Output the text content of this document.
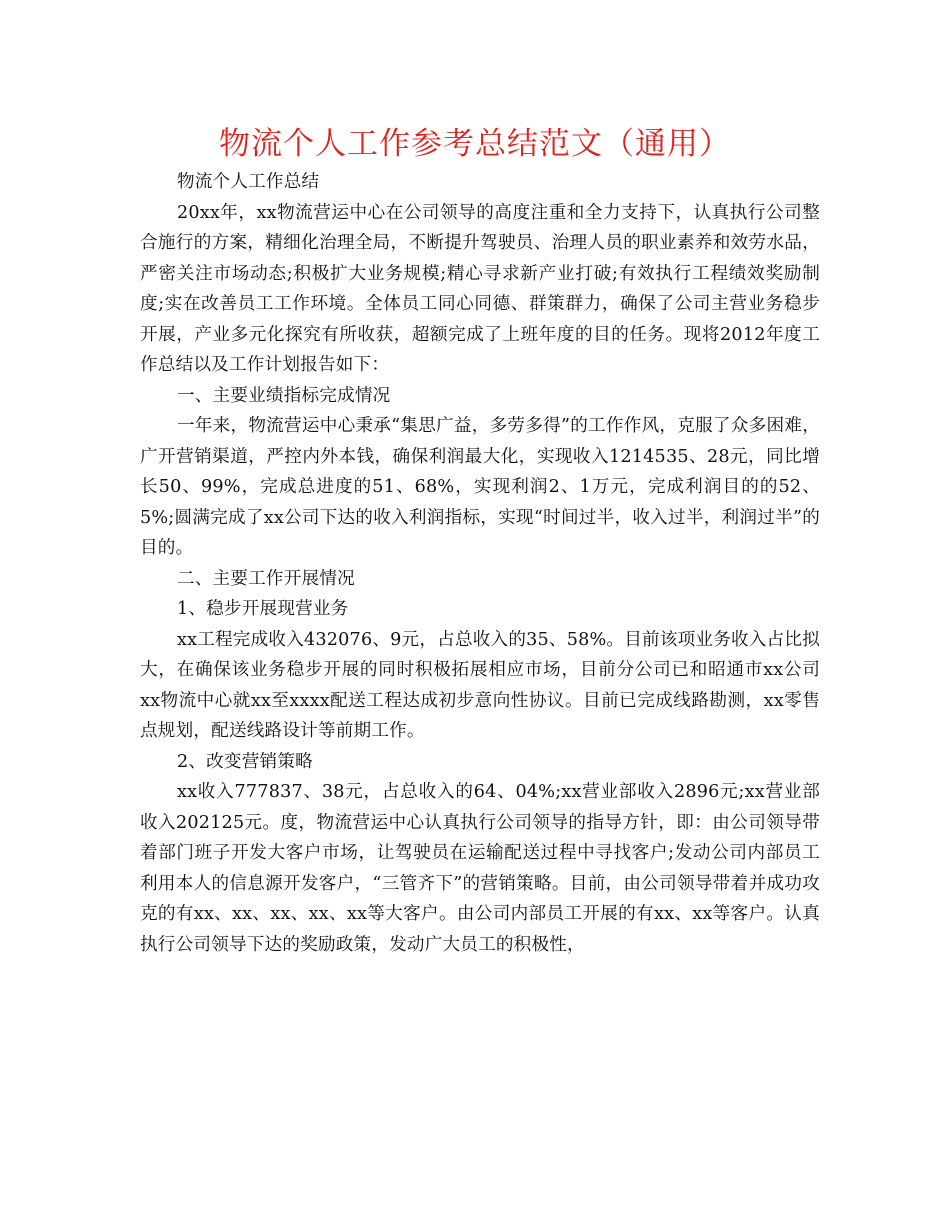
物流个人工作参考总结范文（通用）

物流个人工作总结

20xx年，xx物流营运中心在公司领导的高度注重和全力支持下，认真执行公司整合施行的方案，精细化治理全局，不断提升驾驶员、治理人员的职业素养和效劳水品，严密关注市场动态;积极扩大业务规模;精心寻求新产业打破;有效执行工程绩效奖励制度;实在改善员工工作环境。全体员工同心同德、群策群力，确保了公司主营业务稳步开展，产业多元化探究有所收获，超额完成了上班年度的目的任务。现将2012年度工作总结以及工作计划报告如下：

一、主要业绩指标完成情况

一年来，物流营运中心秉承“集思广益，多劳多得”的工作作风，克服了众多困难，广开营销渠道，严控内外本钱，确保利润最大化，实现收入1214535、28元，同比增长50、99%，完成总进度的51、68%，实现利润2、1万元，完成利润目的的52、5%;圆满完成了xx公司下达的收入利润指标，实现“时间过半，收入过半，利润过半”的目的。

二、主要工作开展情况

1、稳步开展现营业务

xx工程完成收入432076、9元，占总收入的35、58%。目前该项业务收入占比拟大，在确保该业务稳步开展的同时积极拓展相应市场，目前分公司已和昭通市xx公司xx物流中心就xx至xxxx配送工程达成初步意向性协议。目前已完成线路勘测，xx零售点规划，配送线路设计等前期工作。

2、改变营销策略

xx收入777837、38元，占总收入的64、04%;xx营业部收入2896元;xx营业部收入202125元。度，物流营运中心认真执行公司领导的指导方针，即：由公司领导带着部门班子开发大客户市场，让驾驶员在运输配送过程中寻找客户;发动公司内部员工利用本人的信息源开发客户，“三管齐下”的营销策略。目前，由公司领导带着并成功攻克的有xx、xx、xx、xx、xx等大客户。由公司内部员工开展的有xx、xx等客户。认真执行公司领导下达的奖励政策，发动广大员工的积极性，
